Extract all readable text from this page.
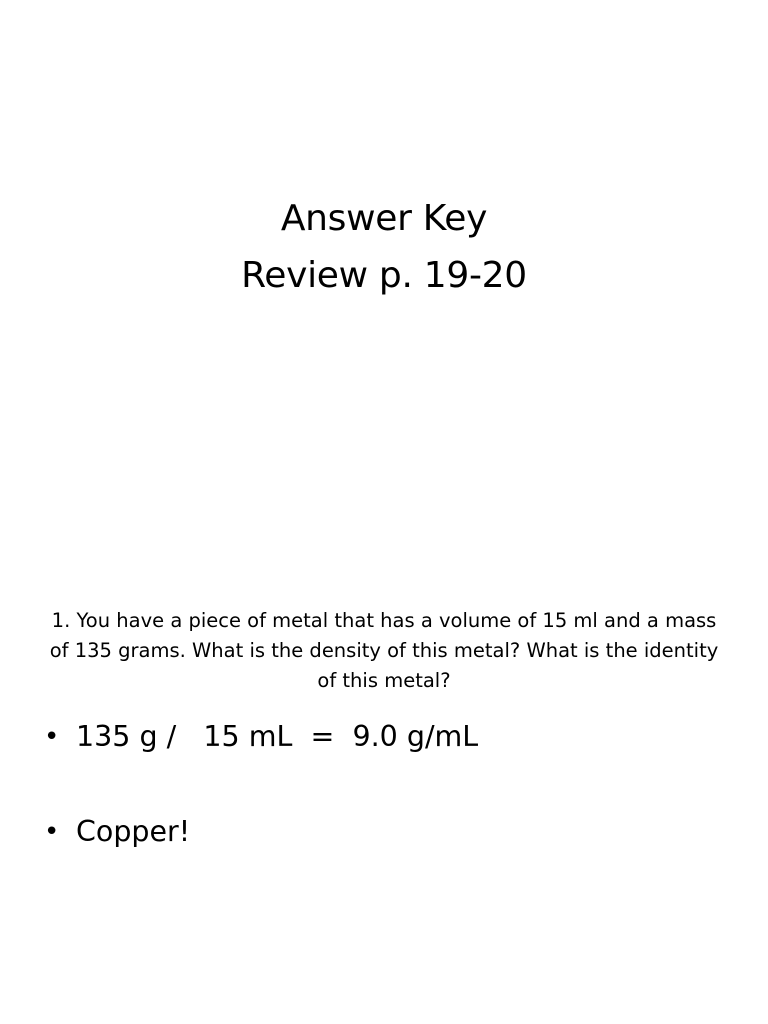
Answer Key
Review p. 19-20
1. You have a piece of metal that has a volume of 15 ml and a mass of 135 grams. What is the density of this metal? What is the identity of this metal?
• 135 g /   15 mL  =  9.0 g/mL
• Copper!
